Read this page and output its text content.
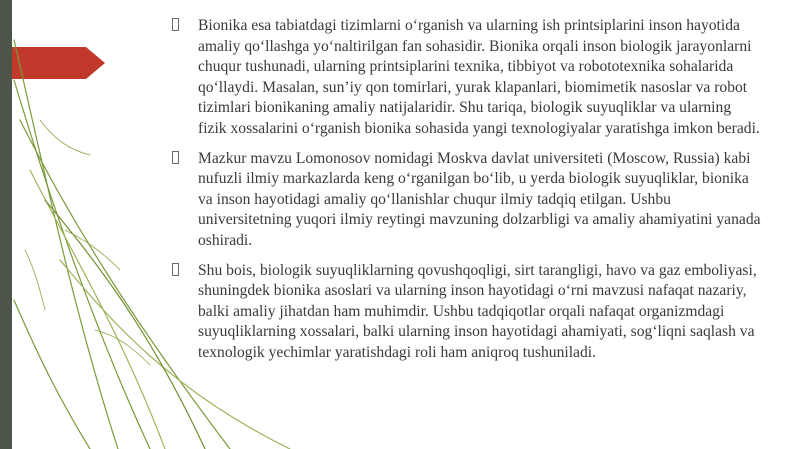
Bionika esa tabiatdagi tizimlarni o‘rganish va ularning ish printsiplarini inson hayotida amaliy qo‘llashga yo‘naltirilgan fan sohasidir. Bionika orqali inson biologik jarayonlarni chuqur tushunadi, ularning printsiplarini texnika, tibbiyot va robototexnika sohalarida qo‘llaydi. Masalan, sun’iy qon tomirlari, yurak klapanlari, biomimetik nasoslar va robot tizimlari bionikaning amaliy natijalaridir. Shu tariqa, biologik suyuqliklar va ularning fizik xossalarini o‘rganish bionika sohasida yangi texnologiyalar yaratishga imkon beradi.

Mazkur mavzu Lomonosov nomidagi Moskva davlat universiteti (Moscow, Russia) kabi nufuzli ilmiy markazlarda keng o‘rganilgan bo‘lib, u yerda biologik suyuqliklar, bionika va inson hayotidagi amaliy qo‘llanishlar chuqur ilmiy tadqiq etilgan. Ushbu universitetning yuqori ilmiy reytingi mavzuning dolzarbligi va amaliy ahamiyatini yanada oshiradi.

Shu bois, biologik suyuqliklarning qovushqoqligi, sirt tarangligi, havo va gaz emboliyasi, shuningdek bionika asoslari va ularning inson hayotidagi o‘rni mavzusi nafaqat nazariy, balki amaliy jihatdan ham muhimdir. Ushbu tadqiqotlar orqali nafaqat organizmdagi suyuqliklarning xossalari, balki ularning inson hayotidagi ahamiyati, sog‘liqni saqlash va texnologik yechimlar yaratishdagi roli ham aniqroq tushuniladi.
